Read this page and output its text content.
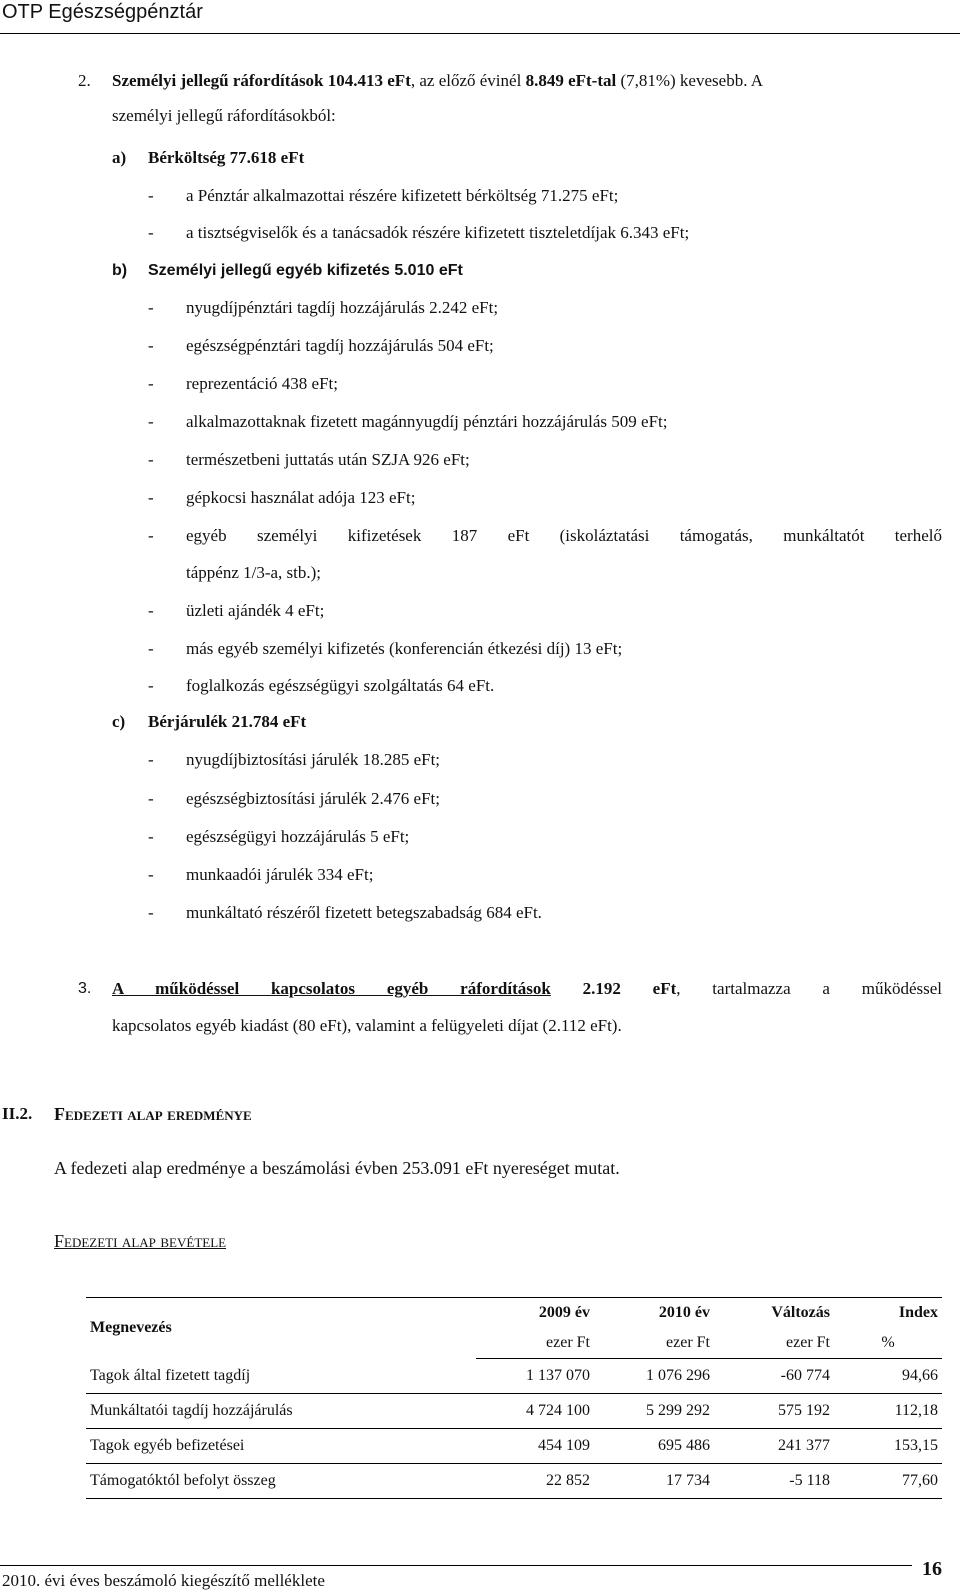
OTP Egészségpénztár
2. Személyi jellegű ráfordítások 104.413 eFt, az előző évinél 8.849 eFt-tal (7,81%) kevesebb. A
személyi jellegű ráfordításokból:
a) Bérköltség 77.618 eFt
- a Pénztár alkalmazottai részére kifizetett bérköltség 71.275 eFt;
- a tisztségviselők és a tanácsadók részére kifizetett tiszteletdíjak 6.343 eFt;
b) Személyi jellegű egyéb kifizetés 5.010 eFt
- nyugdíjpénztári tagdíj hozzájárulás 2.242 eFt;
- egészségpénztári tagdíj hozzájárulás 504 eFt;
- reprezentáció 438 eFt;
- alkalmazottaknak fizetett magánnyugdíj pénztári hozzájárulás 509 eFt;
- természetbeni juttatás után SZJA 926 eFt;
- gépkocsi használat adója 123 eFt;
- egyéb személyi kifizetések 187 eFt (iskoláztatási támogatás, munkáltatót terhelő
táppénz 1/3-a, stb.);
- üzleti ajándék 4 eFt;
- más egyéb személyi kifizetés (konferencián étkezési díj) 13 eFt;
- foglalkozás egészségügyi szolgáltatás 64 eFt.
c) Bérjárulék 21.784 eFt
- nyugdíjbiztosítási járulék 18.285 eFt;
- egészségbiztosítási járulék 2.476 eFt;
- egészségügyi hozzájárulás 5 eFt;
- munkaadói járulék 334 eFt;
- munkáltató részéről fizetett betegszabadság 684 eFt.
3. A működéssel kapcsolatos egyéb ráfordítások 2.192 eFt, tartalmazza a működéssel
kapcsolatos egyéb kiadást (80 eFt), valamint a felügyeleti díjat (2.112 eFt).
II.2. Fedezeti alap eredménye
A fedezeti alap eredménye a beszámolási évben 253.091 eFt nyereséget mutat.
Fedezeti alap bevétele
Megnevezés	2009 év	2010 év	Változás	Index
	ezer Ft	ezer Ft	ezer Ft	%
Tagok által fizetett tagdíj	1 137 070	1 076 296	-60 774	94,66
Munkáltatói tagdíj hozzájárulás	4 724 100	5 299 292	575 192	112,18
Tagok egyéb befizetései	454 109	695 486	241 377	153,15
Támogatóktól befolyt összeg	22 852	17 734	-5 118	77,60
2010. évi éves beszámoló kiegészítő melléklete
16
